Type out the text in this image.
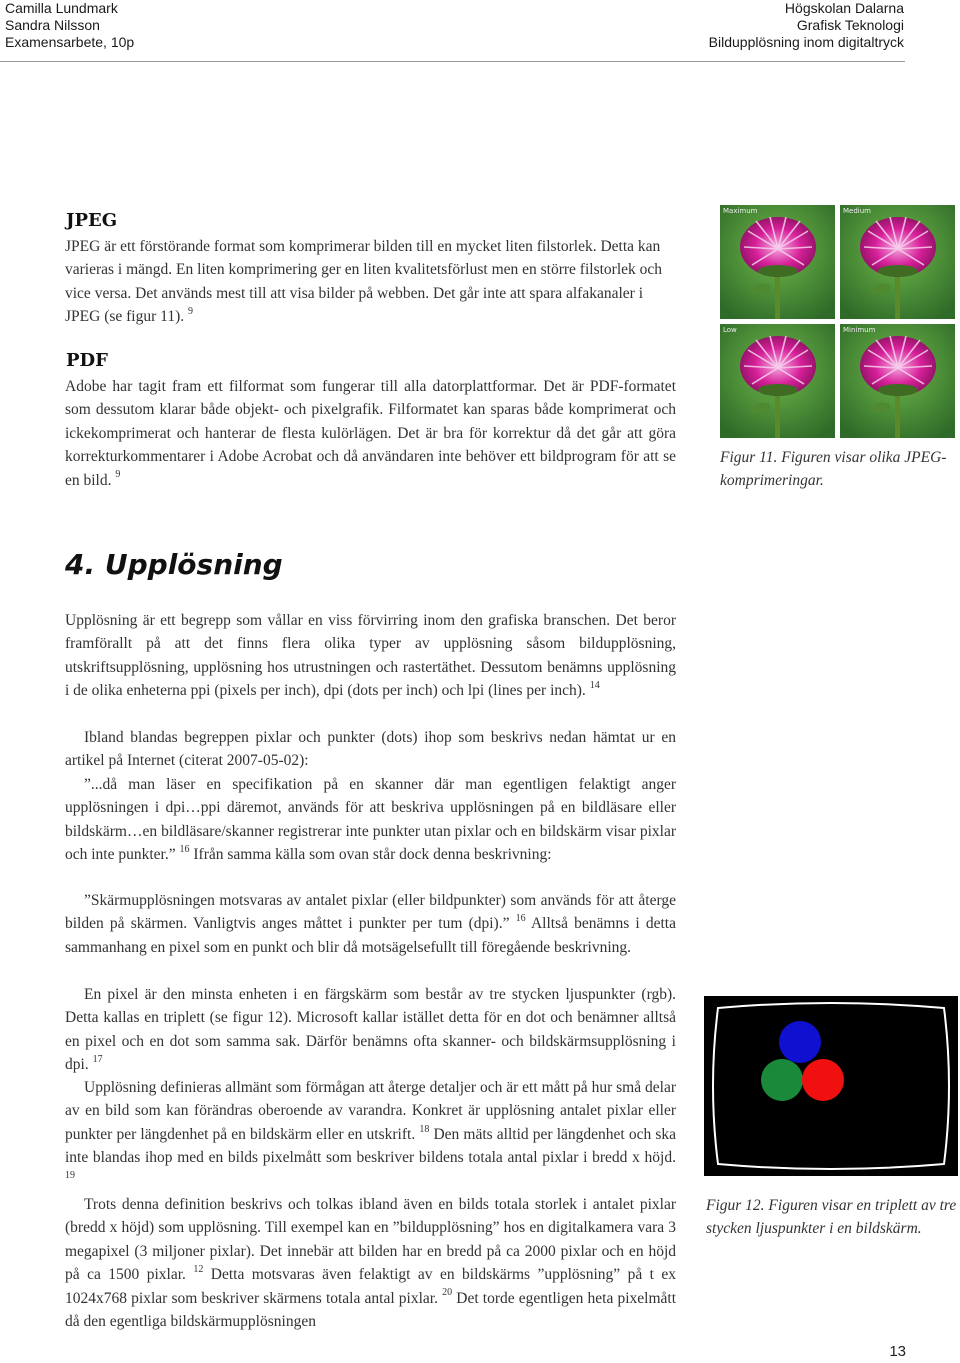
Camilla Lundmark
Sandra Nilsson
Examensarbete, 10p
Högskolan Dalarna
Grafisk Teknologi
Bildupplösning inom digitaltryck
JPEG

JPEG är ett förstörande format som komprimerar bilden till en mycket liten filstorlek. Detta kan varieras i mängd. En liten komprimering ger en liten kvalitetsförlust men en större filstorlek och vice versa. Det används mest till att visa bilder på webben. Det går inte att spara alfakanaler i JPEG (se figur 11). $^9$

PDF

Adobe har tagit fram ett filformat som fungerar till alla datorplattformar. Det är PDF-formatet som dessutom klarar både objekt- och pixelgrafik. Filformatet kan sparas både komprimerat och ickekomprimerat och hanterar de flesta kulörlägen. Det är bra för korrektur då det går att göra korrekturkommentarer i Adobe Acrobat och då användaren inte behöver ett bildprogram för att se en bild. $^9$

Maximum	Medium
Low	Minimum

Figur 11. Figuren visar olika JPEG-komprimeringar.

4. Upplösning

Upplösning är ett begrepp som vållar en viss förvirring inom den grafiska branschen. Det beror framförallt på att det finns flera olika typer av upplösning såsom bildupplösning, utskriftsupplösning, upplösning hos utrustningen och rastertäthet. Dessutom benämns upplösning i de olika enheterna ppi (pixels per inch), dpi (dots per inch) och lpi (lines per inch). $^{14}$

Ibland blandas begreppen pixlar och punkter (dots) ihop som beskrivs nedan hämtat ur en artikel på Internet (citerat 2007-05-02):

”...då man läser en specifikation på en skanner där man egentligen felaktigt anger upplösningen i dpi…ppi däremot, används för att beskriva upplösningen på en bildläsare eller bildskärm…en bildläsare/skanner registrerar inte punkter utan pixlar och en bildskärm visar pixlar och inte punkter.” $^{16}$ Ifrån samma källa som ovan står dock denna beskrivning:

”Skärmupplösningen motsvaras av antalet pixlar (eller bildpunkter) som används för att återge bilden på skärmen. Vanligtvis anges måttet i punkter per tum (dpi).” $^{16}$ Alltså benämns i detta sammanhang en pixel som en punkt och blir då motsägelsefullt till föregående beskrivning.

En pixel är den minsta enheten i en färgskärm som består av tre stycken ljuspunkter (rgb). Detta kallas en triplett (se figur 12). Microsoft kallar istället detta för en dot och benämner alltså en pixel och en dot som samma sak. Därför benämns ofta skanner- och bildskärmsupplösning i dpi. $^{17}$

Upplösning definieras allmänt som förmågan att återge detaljer och är ett mått på hur små delar av en bild som kan förändras oberoende av varandra. Konkret är upplösning antalet pixlar eller punkter per längdenhet på en bildskärm eller en utskrift. $^{18}$ Den mäts alltid per längdenhet och ska inte blandas ihop med en bilds pixelmått som beskriver bildens totala antal pixlar i bredd x höjd. $^{19}$

Trots denna definition beskrivs och tolkas ibland även en bilds totala storlek i antalet pixlar (bredd x höjd) som upplösning. Till exempel kan en ”bildupplösning” hos en digitalkamera vara 3 megapixel (3 miljoner pixlar). Det innebär att bilden har en bredd på ca 2000 pixlar och en höjd på ca 1500 pixlar. $^{12}$ Detta motsvaras även felaktigt av en bildskärms ”upplösning” på t ex 1024x768 pixlar som beskriver skärmens totala antal pixlar. $^{20}$ Det torde egentligen heta pixelmått då den egentliga bildskärmupplösningen

Figur 12. Figuren visar en triplett av tre stycken ljuspunkter i en bildskärm.

13
